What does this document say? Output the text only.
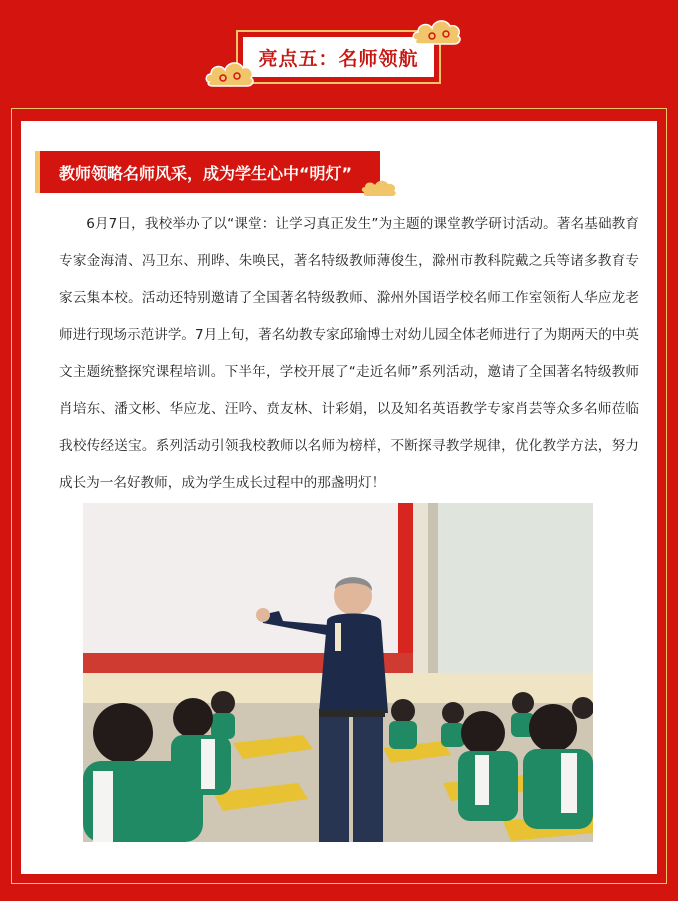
亮点五：名师领航
教师领略名师风采，成为学生心中“明灯”

6月7日，我校举办了以“课堂：让学习真正发生”为主题的课堂教学研讨活动。著名基础教育专家金海清、冯卫东、刑晔、朱唤民，著名特级教师薄俊生，滁州市教科院戴之兵等诸多教育专家云集本校。活动还特别邀请了全国著名特级教师、滁州外国语学校名师工作室领衔人华应龙老师进行现场示范讲学。7月上旬，著名幼教专家邱瑜博士对幼儿园全体老师进行了为期两天的中英文主题统整探究课程培训。下半年，学校开展了“走近名师”系列活动，邀请了全国著名特级教师肖培东、潘文彬、华应龙、汪吟、贲友林、计彩娟，以及知名英语教学专家肖芸等众多名师莅临我校传经送宝。系列活动引领我校教师以名师为榜样，不断探寻教学规律，优化教学方法，努力成长为一名好教师，成为学生成长过程中的那盏明灯！
